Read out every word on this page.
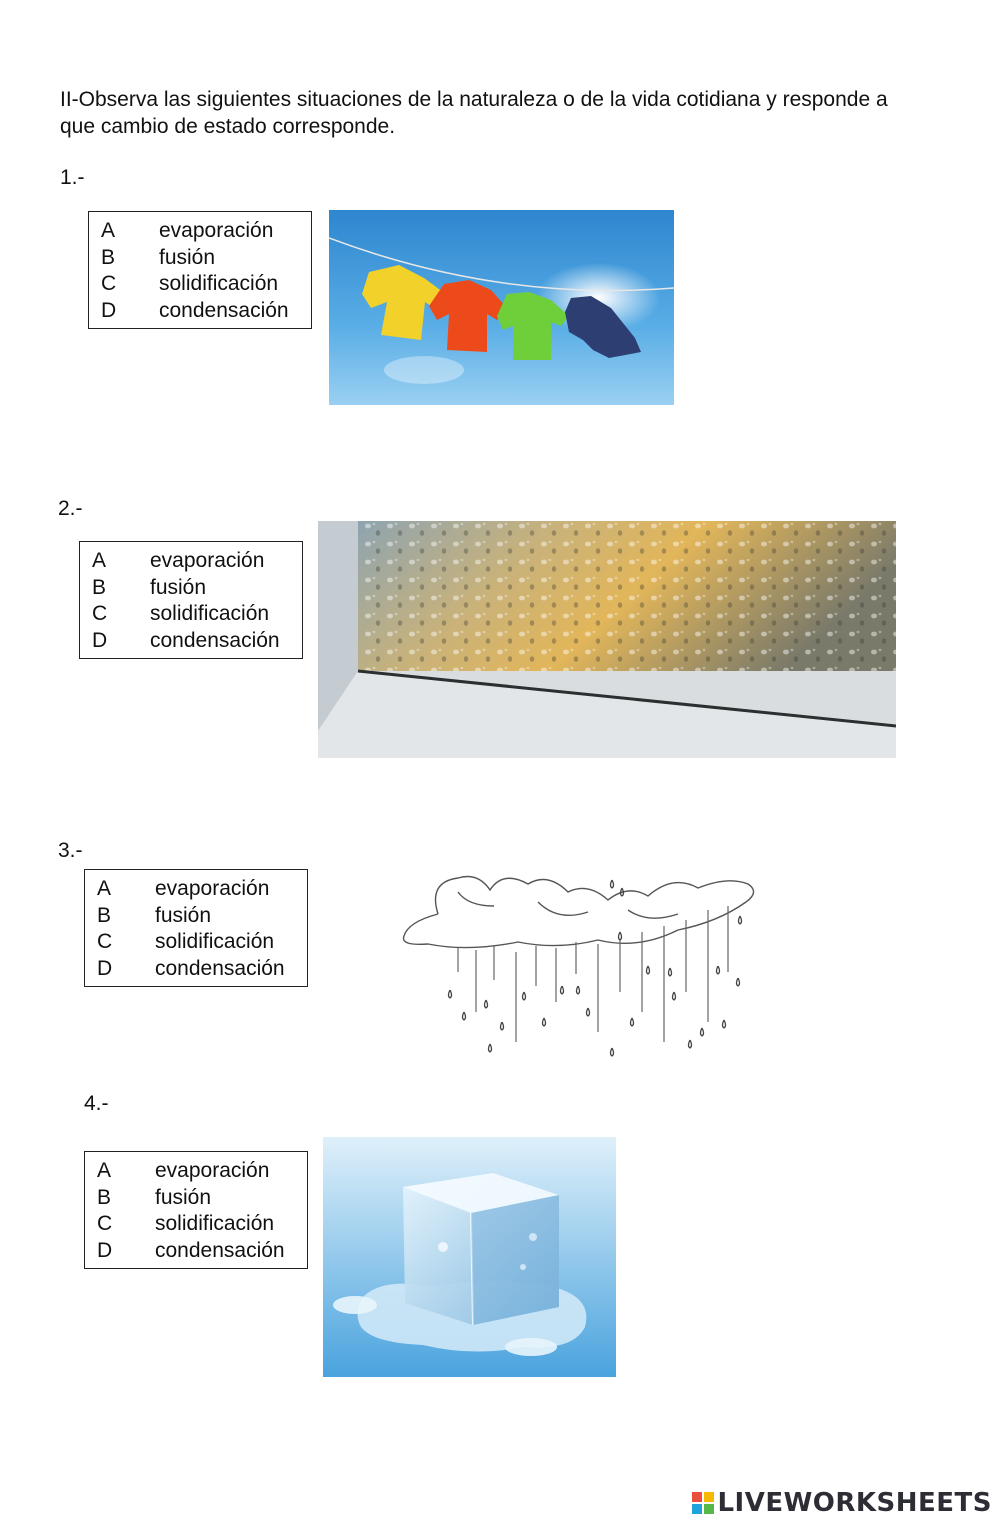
II-Observa las siguientes situaciones de la naturaleza o de la vida cotidiana y responde a que cambio de estado corresponde.

1.-
A	evaporación
B	fusión
C	solidificación
D	condensación
2.-
A	evaporación
B	fusión
C	solidificación
D	condensación
3.-
A	evaporación
B	fusión
C	solidificación
D	condensación
4.-
A	evaporación
B	fusión
C	solidificación
D	condensación
LIVEWORKSHEETS
